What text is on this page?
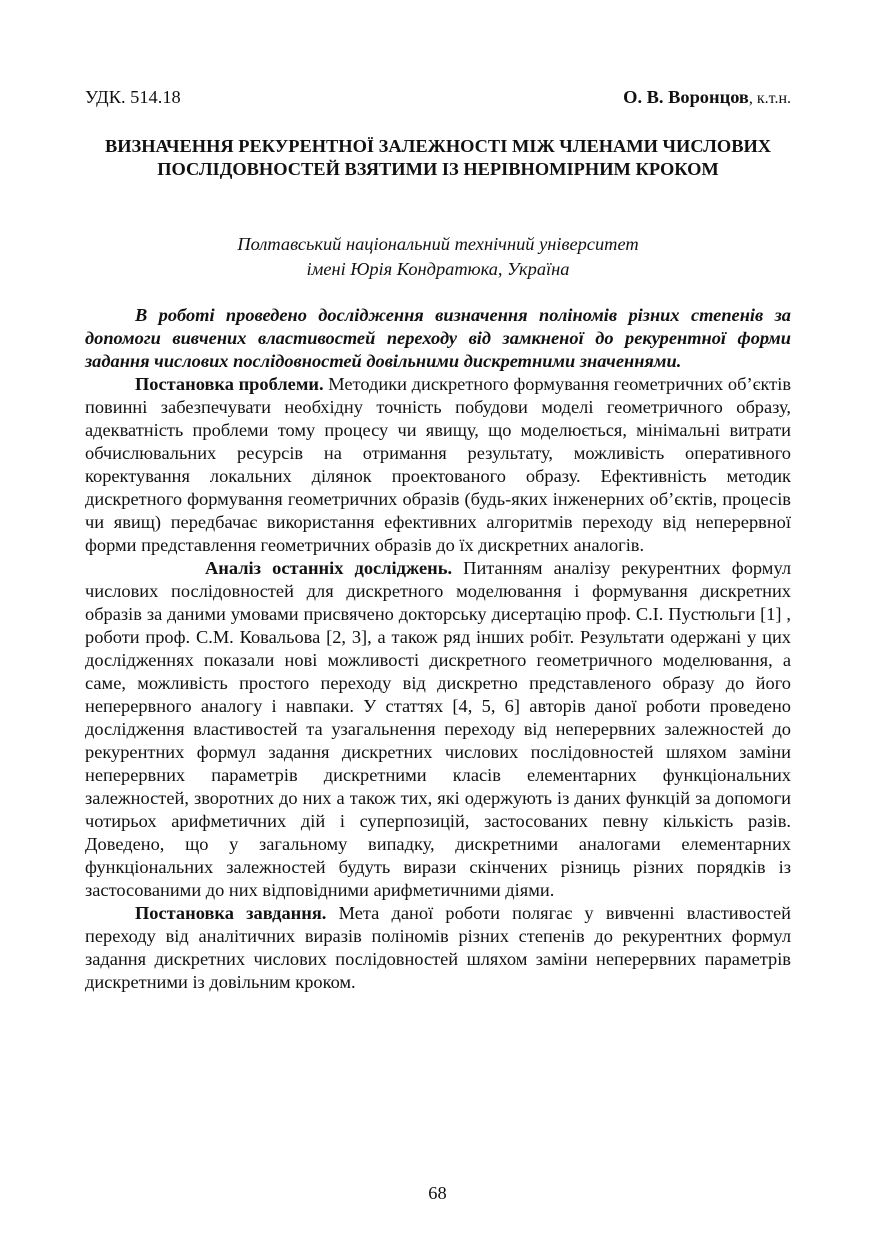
УДК. 514.18	О. В. Воронцов, к.т.н.
ВИЗНАЧЕННЯ РЕКУРЕНТНОЇ ЗАЛЕЖНОСТІ МІЖ ЧЛЕНАМИ ЧИСЛОВИХ ПОСЛІДОВНОСТЕЙ ВЗЯТИМИ ІЗ НЕРІВНОМІРНИМ КРОКОМ
Полтавський національний технічний університет
імені Юрія Кондратюка, Україна

В роботі проведено дослідження визначення поліномів різних степенів за допомоги вивчених властивостей переходу від замкненої до рекурентної форми задання числових послідовностей довільними дискретними значеннями.

Постановка проблеми. Методики дискретного формування геометричних об’єктів повинні забезпечувати необхідну точність побудови моделі геометричного образу, адекватність проблеми тому процесу чи явищу, що моделюється, мінімальні витрати обчислювальних ресурсів на отримання результату, можливість оперативного коректування локальних ділянок проектованого образу. Ефективність методик дискретного формування геометричних образів (будь-яких інженерних об’єктів, процесів чи явищ) передбачає використання ефективних алгоритмів переходу від неперервної форми представлення геометричних образів до їх дискретних аналогів.

Аналіз останніх досліджень. Питанням аналізу рекурентних формул числових послідовностей для дискретного моделювання і формування дискретних образів за даними умовами присвячено докторську дисертацію проф. С.І. Пустюльги [1] , роботи проф. С.М. Ковальова [2, 3], а також ряд інших робіт. Результати одержані у цих дослідженнях показали нові можливості дискретного геометричного моделювання, а саме, можливість простого переходу від дискретно представленого образу до його неперервного аналогу і навпаки. У статтях [4, 5, 6] авторів даної роботи проведено дослідження властивостей та узагальнення переходу від неперервних залежностей до рекурентних формул задання дискретних числових послідовностей шляхом заміни неперервних параметрів дискретними класів елементарних функціональних залежностей, зворотних до них а також тих, які одержують із даних функцій за допомоги чотирьох арифметичних дій і суперпозицій, застосованих певну кількість разів. Доведено, що у загальному випадку, дискретними аналогами елементарних функціональних залежностей будуть вирази скінчених різниць різних порядків із застосованими до них відповідними арифметичними діями.

Постановка завдання. Мета даної роботи полягає у вивченні властивостей переходу від аналітичних виразів поліномів різних степенів до рекурентних формул задання дискретних числових послідовностей шляхом заміни неперервних параметрів дискретними із довільним кроком.

68
